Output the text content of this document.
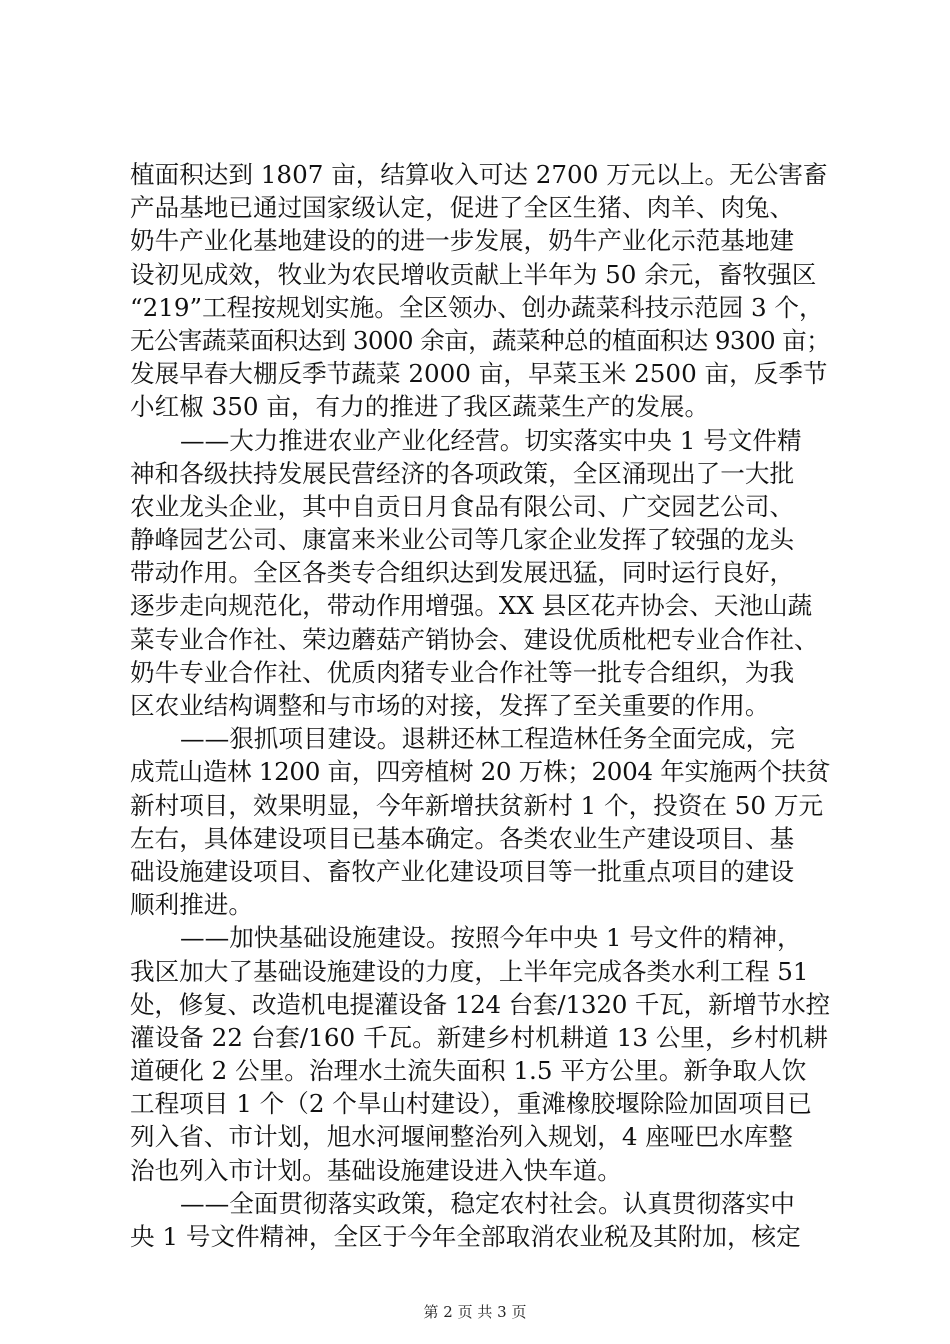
植面积达到 1807 亩，结算收入可达 2700 万元以上。无公害畜
产品基地已通过国家级认定，促进了全区生猪、肉羊、肉兔、
奶牛产业化基地建设的的进一步发展，奶牛产业化示范基地建
设初见成效，牧业为农民增收贡献上半年为 50 余元，畜牧强区
“219”工程按规划实施。全区领办、创办蔬菜科技示范园 3 个，
无公害蔬菜面积达到 3000 余亩，蔬菜种总的植面积达 9300 亩；
发展早春大棚反季节蔬菜 2000 亩，早菜玉米 2500 亩，反季节
小红椒 350 亩，有力的推进了我区蔬菜生产的发展。
——大力推进农业产业化经营。切实落实中央 1 号文件精
神和各级扶持发展民营经济的各项政策，全区涌现出了一大批
农业龙头企业，其中自贡日月食品有限公司、广交园艺公司、
静峰园艺公司、康富来米业公司等几家企业发挥了较强的龙头
带动作用。全区各类专合组织达到发展迅猛，同时运行良好，
逐步走向规范化，带动作用增强。XX 县区花卉协会、天池山蔬
菜专业合作社、荣边蘑菇产销协会、建设优质枇杷专业合作社、
奶牛专业合作社、优质肉猪专业合作社等一批专合组织，为我
区农业结构调整和与市场的对接，发挥了至关重要的作用。
——狠抓项目建设。退耕还林工程造林任务全面完成，完
成荒山造林 1200 亩，四旁植树 20 万株；2004 年实施两个扶贫
新村项目，效果明显，今年新增扶贫新村 1 个，投资在 50 万元
左右，具体建设项目已基本确定。各类农业生产建设项目、基
础设施建设项目、畜牧产业化建设项目等一批重点项目的建设
顺利推进。
——加快基础设施建设。按照今年中央 1 号文件的精神，
我区加大了基础设施建设的力度，上半年完成各类水利工程 51
处，修复、改造机电提灌设备 124 台套/1320 千瓦，新增节水控
灌设备 22 台套/160 千瓦。新建乡村机耕道 13 公里，乡村机耕
道硬化 2 公里。治理水土流失面积 1.5 平方公里。新争取人饮
工程项目 1 个（2 个旱山村建设），重滩橡胶堰除险加固项目已
列入省、市计划，旭水河堰闸整治列入规划，4 座哑巴水库整
治也列入市计划。基础设施建设进入快车道。
——全面贯彻落实政策，稳定农村社会。认真贯彻落实中
央 1 号文件精神，全区于今年全部取消农业税及其附加，核定
第 2 页 共 3 页
